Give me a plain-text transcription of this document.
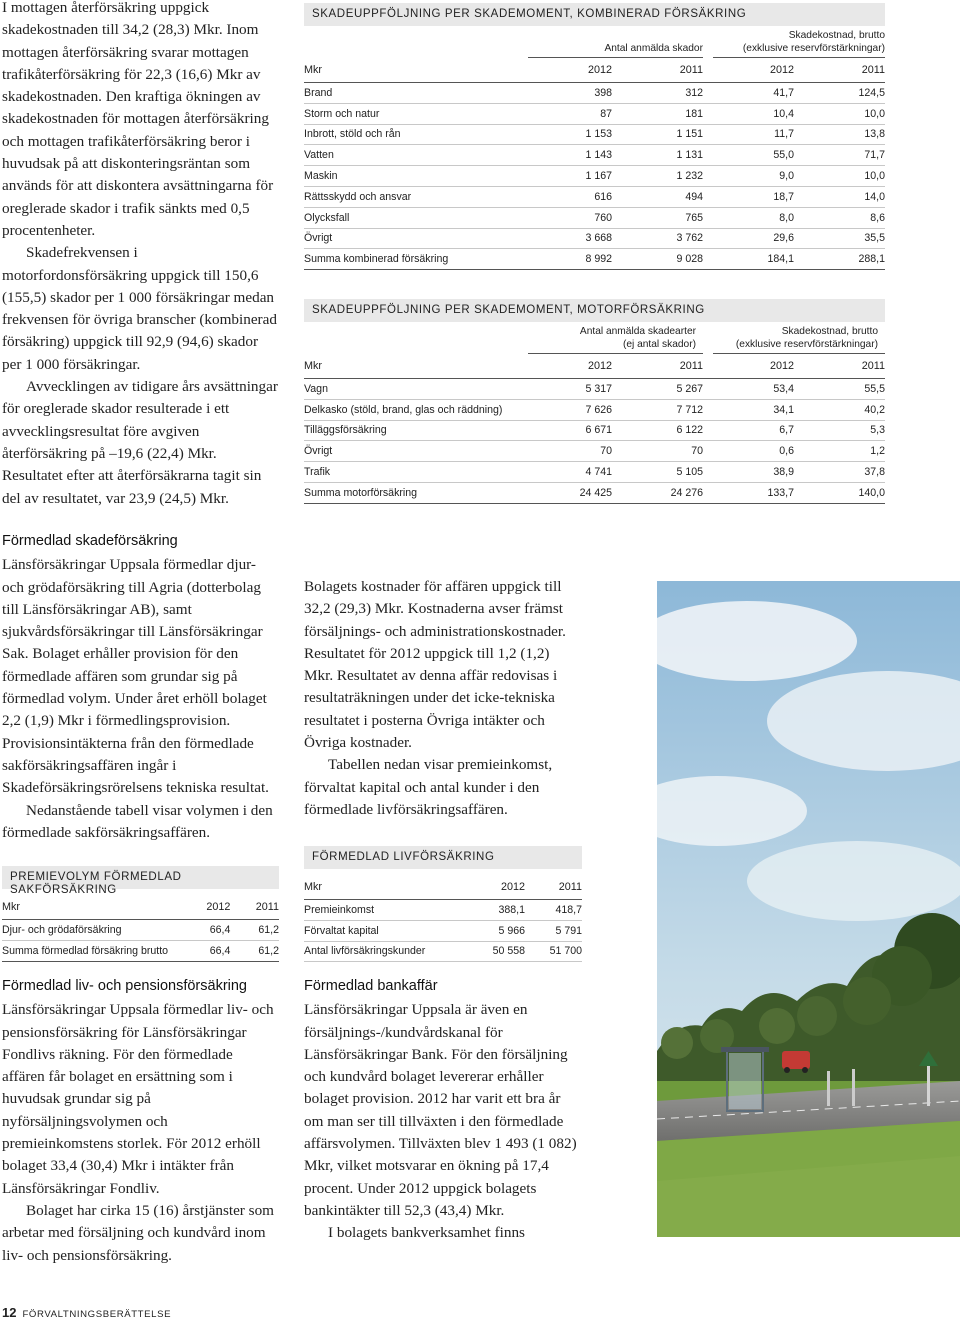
I mottagen återförsäkring uppgick skadekostnaden till 34,2 (28,3) Mkr. Inom mottagen återförsäkring svarar mottagen trafikåterförsäkring för 22,3 (16,6) Mkr av skadekostnaden. Den kraftiga ökningen av skadekostnaden för mottagen återförsäkring och mottagen trafikåterförsäkring beror i huvudsak på att diskonteringsräntan som används för att diskontera avsättningarna för oreglerade skador i trafik sänkts med 0,5 procentenheter.

Skadefrekvensen i motorfordonsförsäkring uppgick till 150,6 (155,5) skador per 1 000 försäkringar medan frekvensen för övriga branscher (kombinerad försäkring) uppgick till 92,9 (94,6) skador per 1 000 försäkringar.

Avvecklingen av tidigare års avsättningar för oreglerade skador resulterade i ett avvecklingsresultat före avgiven återförsäkring på –19,6 (22,4) Mkr. Resultatet efter att återförsäkrarna tagit sin del av resultatet, var 23,9 (24,5) Mkr.

SKADEUPPFÖLJNING PER SKADEMOMENT, KOMBINERAD FÖRSÄKRING
Antal anmälda skador
Skadekostnad, brutto
(exklusive reservförstärkningar)
Mkr	2012	2011	2012	2011
Brand	398	312	41,7	124,5
Storm och natur	87	181	10,4	10,0
Inbrott, stöld och rån	1 153	1 151	11,7	13,8
Vatten	1 143	1 131	55,0	71,7
Maskin	1 167	1 232	9,0	10,0
Rättsskydd och ansvar	616	494	18,7	14,0
Olycksfall	760	765	8,0	8,6
Övrigt	3 668	3 762	29,6	35,5
Summa kombinerad försäkring	8 992	9 028	184,1	288,1
SKADEUPPFÖLJNING PER SKADEMOMENT, MOTORFÖRSÄKRING
Antal anmälda skadearter
(ej antal skador)
Skadekostnad, brutto
(exklusive reservförstärkningar)
Mkr	2012	2011	2012	2011
Vagn	5 317	5 267	53,4	55,5
Delkasko (stöld, brand, glas och räddning)	7 626	7 712	34,1	40,2
Tilläggsförsäkring	6 671	6 122	6,7	5,3
Övrigt	70	70	0,6	1,2
Trafik	4 741	5 105	38,9	37,8
Summa motorförsäkring	24 425	24 276	133,7	140,0
Förmedlad skadeförsäkring

Länsförsäkringar Uppsala förmedlar djur- och grödaförsäkring till Agria (dotterbolag till Länsförsäkringar AB), samt sjukvårdsförsäkringar till Länsförsäkringar Sak. Bolaget erhåller provision för den förmedlade affären som grundar sig på förmedlad volym. Under året erhöll bolaget 2,2 (1,9) Mkr i förmedlingsprovision. Provisionsintäkterna från den förmedlade sakförsäkringsaffären ingår i Skadeförsäkringsrörelsens tekniska resultat.

Nedanstående tabell visar volymen i den förmedlade sakförsäkringsaffären.

PREMIEVOLYM FÖRMEDLAD SAKFÖRSÄKRING
Mkr	2012	2011
Djur- och grödaförsäkring	66,4	61,2
Summa förmedlad försäkring brutto	66,4	61,2
Förmedlad liv- och pensionsförsäkring

Länsförsäkringar Uppsala förmedlar liv- och pensionsförsäkring för Länsförsäkringar Fondlivs räkning. För den förmedlade affären får bolaget en ersättning som i huvudsak grundar sig på nyförsäljningsvolymen och premieinkomstens storlek. För 2012 erhöll bolaget 33,4 (30,4) Mkr i intäkter från Länsförsäkringar Fondliv.

Bolaget har cirka 15 (16) årstjänster som arbetar med försäljning och kundvård inom liv- och pensionsförsäkring.

Bolagets kostnader för affären uppgick till 32,2 (29,3) Mkr. Kostnaderna avser främst försäljnings- och administrationskostnader. Resultatet för 2012 uppgick till 1,2 (1,2) Mkr. Resultatet av denna affär redovisas i resultaträkningen under det icke-tekniska resultatet i posterna Övriga intäkter och Övriga kostnader.

Tabellen nedan visar premieinkomst, förvaltat kapital och antal kunder i den förmedlade livförsäkringsaffären.

FÖRMEDLAD LIVFÖRSÄKRING
Mkr	2012	2011
Premieinkomst	388,1	418,7
Förvaltat kapital	5 966	5 791
Antal livförsäkringskunder	50 558	51 700
Förmedlad bankaffär

Länsförsäkringar Uppsala är även en försäljnings-/kundvårdskanal för Länsförsäkringar Bank. För den försäljning och kundvård bolaget levererar erhåller bolaget provision. 2012 har varit ett bra år om man ser till tillväxten i den förmedlade affärsvolymen. Tillväxten blev 1 493 (1 082) Mkr, vilket motsvarar en ökning på 17,4 procent. Under 2012 uppgick bolagets bankintäkter till 52,3 (43,4) Mkr.

I bolagets bankverksamhet finns

12 FÖRVALTNINGSBERÄTTELSE
